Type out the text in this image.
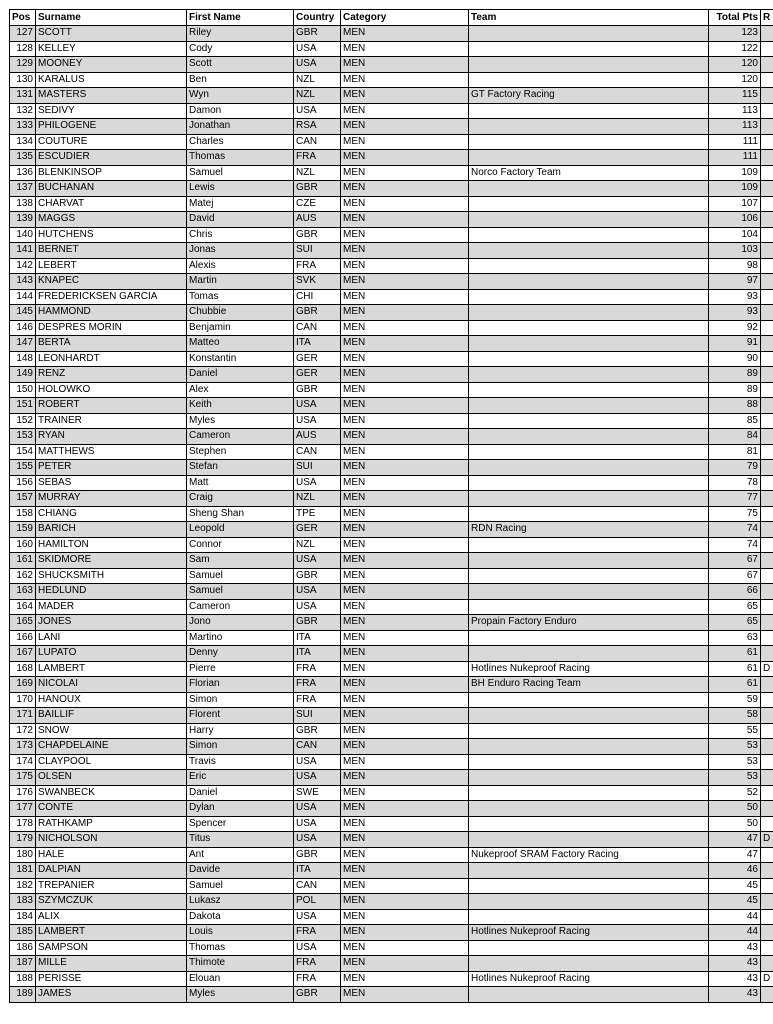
Pos	Surname	First Name	Country	Category	Team	Total Pts	R
127	SCOTT	Riley	GBR	MEN		123	
128	KELLEY	Cody	USA	MEN		122	
129	MOONEY	Scott	USA	MEN		120	
130	KARALUS	Ben	NZL	MEN		120	
131	MASTERS	Wyn	NZL	MEN	GT Factory Racing	115	
132	SEDIVY	Damon	USA	MEN		113	
133	PHILOGENE	Jonathan	RSA	MEN		113	
134	COUTURE	Charles	CAN	MEN		111	
135	ESCUDIER	Thomas	FRA	MEN		111	
136	BLENKINSOP	Samuel	NZL	MEN	Norco Factory Team	109	
137	BUCHANAN	Lewis	GBR	MEN		109	
138	CHARVAT	Matej	CZE	MEN		107	
139	MAGGS	David	AUS	MEN		106	
140	HUTCHENS	Chris	GBR	MEN		104	
141	BERNET	Jonas	SUI	MEN		103	
142	LEBERT	Alexis	FRA	MEN		98	
143	KNAPEC	Martin	SVK	MEN		97	
144	FREDERICKSEN GARCIA	Tomas	CHI	MEN		93	
145	HAMMOND	Chubbie	GBR	MEN		93	
146	DESPRES MORIN	Benjamin	CAN	MEN		92	
147	BERTA	Matteo	ITA	MEN		91	
148	LEONHARDT	Konstantin	GER	MEN		90	
149	RENZ	Daniel	GER	MEN		89	
150	HOLOWKO	Alex	GBR	MEN		89	
151	ROBERT	Keith	USA	MEN		88	
152	TRAINER	Myles	USA	MEN		85	
153	RYAN	Cameron	AUS	MEN		84	
154	MATTHEWS	Stephen	CAN	MEN		81	
155	PETER	Stefan	SUI	MEN		79	
156	SEBAS	Matt	USA	MEN		78	
157	MURRAY	Craig	NZL	MEN		77	
158	CHIANG	Sheng Shan	TPE	MEN		75	
159	BARICH	Leopold	GER	MEN	RDN Racing	74	
160	HAMILTON	Connor	NZL	MEN		74	
161	SKIDMORE	Sam	USA	MEN		67	
162	SHUCKSMITH	Samuel	GBR	MEN		67	
163	HEDLUND	Samuel	USA	MEN		66	
164	MADER	Cameron	USA	MEN		65	
165	JONES	Jono	GBR	MEN	Propain Factory Enduro	65	
166	LANI	Martino	ITA	MEN		63	
167	LUPATO	Denny	ITA	MEN		61	
168	LAMBERT	Pierre	FRA	MEN	Hotlines Nukeproof Racing	61	D
169	NICOLAI	Florian	FRA	MEN	BH Enduro Racing Team	61	
170	HANOUX	Simon	FRA	MEN		59	
171	BAILLIF	Florent	SUI	MEN		58	
172	SNOW	Harry	GBR	MEN		55	
173	CHAPDELAINE	Simon	CAN	MEN		53	
174	CLAYPOOL	Travis	USA	MEN		53	
175	OLSEN	Eric	USA	MEN		53	
176	SWANBECK	Daniel	SWE	MEN		52	
177	CONTE	Dylan	USA	MEN		50	
178	RATHKAMP	Spencer	USA	MEN		50	
179	NICHOLSON	Titus	USA	MEN		47	D
180	HALE	Ant	GBR	MEN	Nukeproof SRAM Factory Racing	47	
181	DALPIAN	Davide	ITA	MEN		46	
182	TREPANIER	Samuel	CAN	MEN		45	
183	SZYMCZUK	Lukasz	POL	MEN		45	
184	ALIX	Dakota	USA	MEN		44	
185	LAMBERT	Louis	FRA	MEN	Hotlines Nukeproof Racing	44	
186	SAMPSON	Thomas	USA	MEN		43	
187	MILLE	Thimote	FRA	MEN		43	
188	PERISSE	Elouan	FRA	MEN	Hotlines Nukeproof Racing	43	D
189	JAMES	Myles	GBR	MEN		43	
